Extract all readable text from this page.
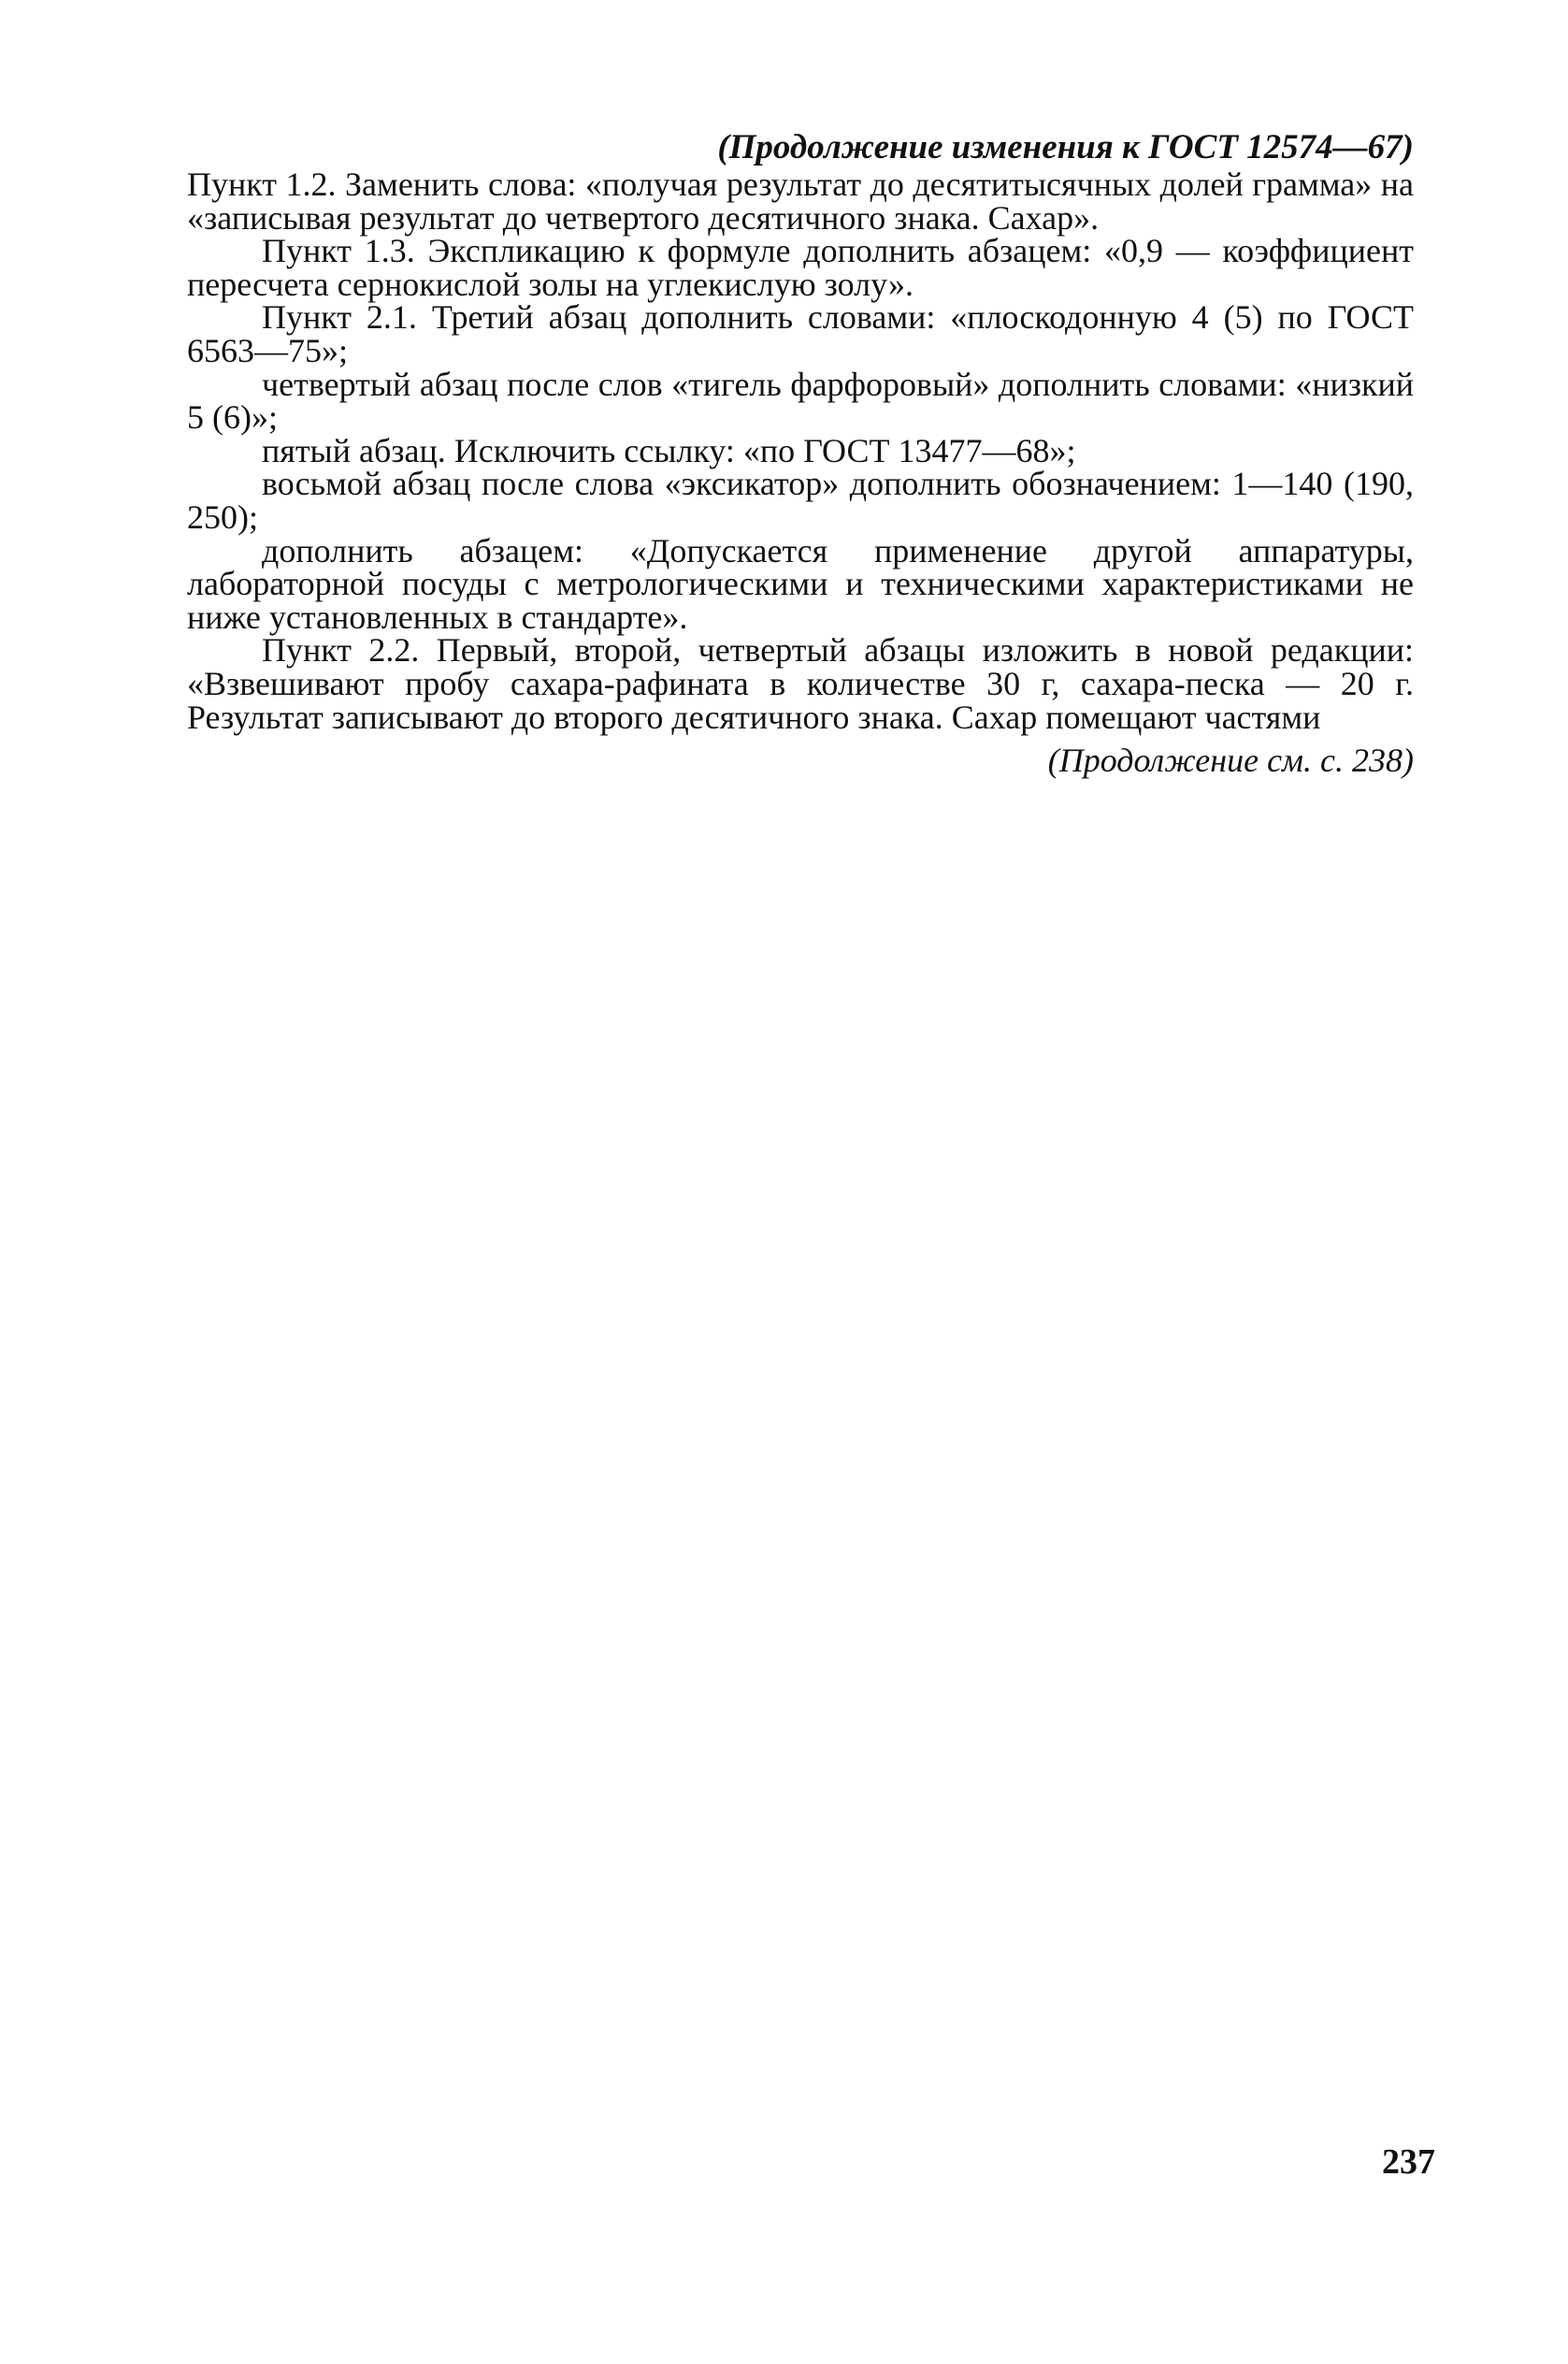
(Продолжение изменения к ГОСТ 12574—67)

Пункт 1.2. Заменить слова: «получая результат до десятитысячных долей грамма» на «записывая результат до четвертого десятичного знака. Сахар».

Пункт 1.3. Экспликацию к формуле дополнить абзацем: «0,9 — коэффициент пересчета сернокислой золы на углекислую золу».

Пункт 2.1. Третий абзац дополнить словами: «плоскодонную 4 (5) по ГОСТ 6563—75»;

четвертый абзац после слов «тигель фарфоровый» дополнить словами: «низкий 5 (6)»;

пятый абзац. Исключить ссылку: «по ГОСТ 13477—68»;

восьмой абзац после слова «эксикатор» дополнить обозначением: 1—140 (190, 250);

дополнить абзацем: «Допускается применение другой аппаратуры, лабораторной посуды с метрологическими и техническими характеристиками не ниже установленных в стандарте».

Пункт 2.2. Первый, второй, четвертый абзацы изложить в новой редакции: «Взвешивают пробу сахара-рафината в количестве 30 г, сахара-песка — 20 г. Результат записывают до второго десятичного знака. Сахар помещают частями

(Продолжение см. с. 238)
237
